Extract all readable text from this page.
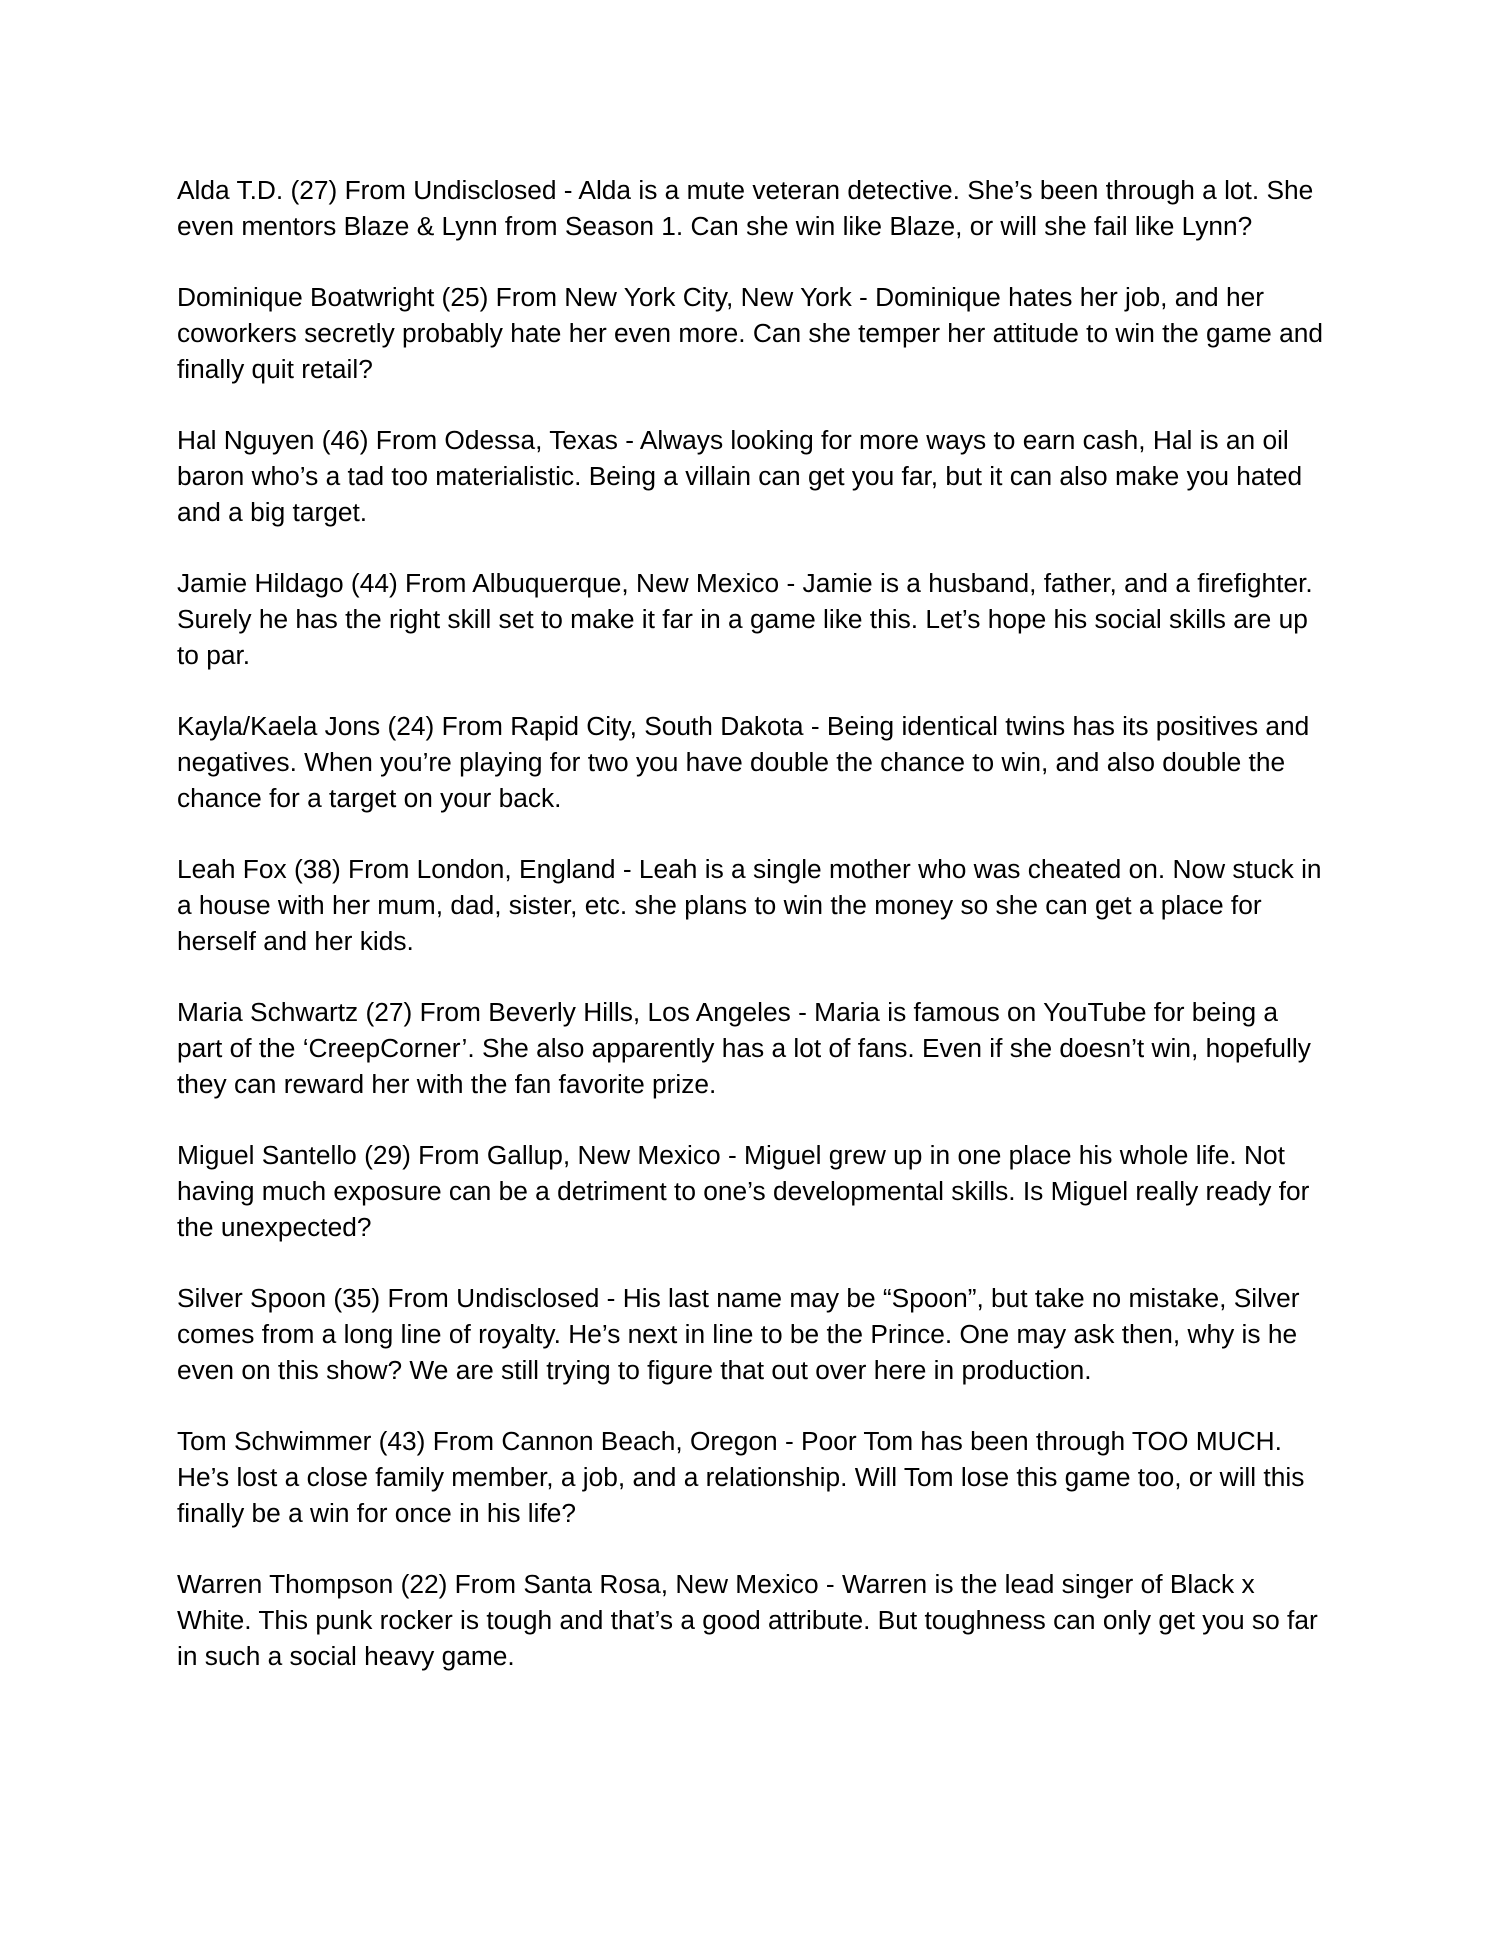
Alda T.D. (27) From Undisclosed - Alda is a mute veteran detective. She’s been through a lot. She even mentors Blaze & Lynn from Season 1. Can she win like Blaze, or will she fail like Lynn?

Dominique Boatwright (25) From New York City, New York - Dominique hates her job, and her coworkers secretly probably hate her even more. Can she temper her attitude to win the game and finally quit retail?

Hal Nguyen (46) From Odessa, Texas - Always looking for more ways to earn cash, Hal is an oil baron who’s a tad too materialistic. Being a villain can get you far, but it can also make you hated and a big target.

Jamie Hildago (44) From Albuquerque, New Mexico - Jamie is a husband, father, and a firefighter. Surely he has the right skill set to make it far in a game like this. Let’s hope his social skills are up to par.

Kayla/Kaela Jons (24) From Rapid City, South Dakota - Being identical twins has its positives and negatives. When you’re playing for two you have double the chance to win, and also double the chance for a target on your back.

Leah Fox (38) From London, England - Leah is a single mother who was cheated on. Now stuck in a house with her mum, dad, sister, etc. she plans to win the money so she can get a place for herself and her kids.

Maria Schwartz (27) From Beverly Hills, Los Angeles - Maria is famous on YouTube for being a part of the ‘CreepCorner’. She also apparently has a lot of fans. Even if she doesn’t win, hopefully they can reward her with the fan favorite prize.

Miguel Santello (29) From Gallup, New Mexico - Miguel grew up in one place his whole life. Not having much exposure can be a detriment to one’s developmental skills. Is Miguel really ready for the unexpected?

Silver Spoon (35) From Undisclosed - His last name may be “Spoon”, but take no mistake, Silver comes from a long line of royalty. He’s next in line to be the Prince. One may ask then, why is he even on this show? We are still trying to figure that out over here in production.

Tom Schwimmer (43) From Cannon Beach, Oregon - Poor Tom has been through TOO MUCH. He’s lost a close family member, a job, and a relationship. Will Tom lose this game too, or will this finally be a win for once in his life?

Warren Thompson (22) From Santa Rosa, New Mexico - Warren is the lead singer of Black x White. This punk rocker is tough and that’s a good attribute. But toughness can only get you so far in such a social heavy game.
